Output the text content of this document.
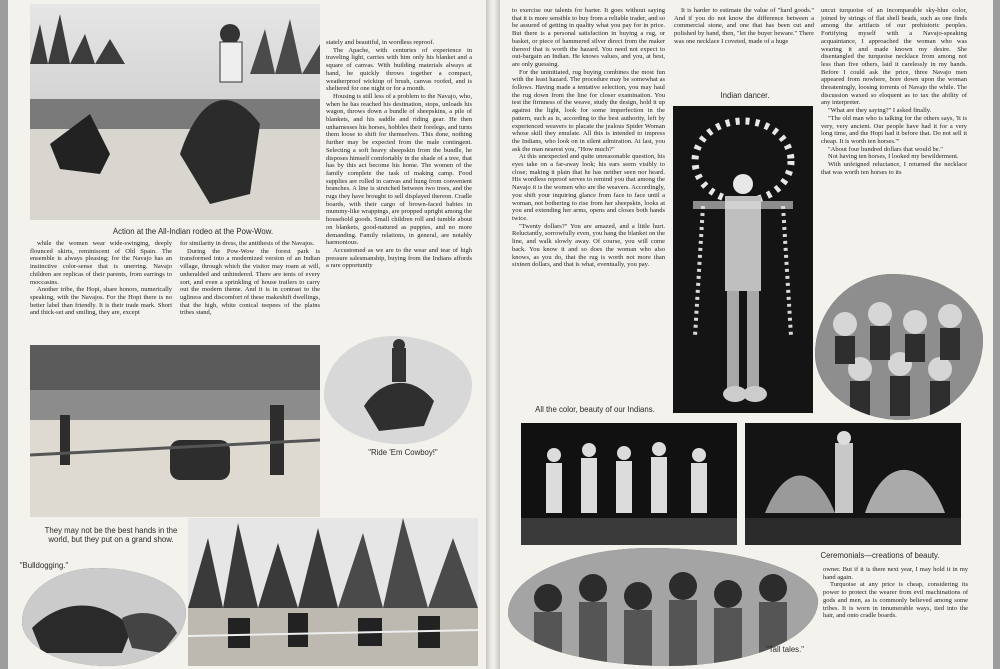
Action at the All-Indian rodeo at the Pow-Wow.

while the women wear wide-swinging, deeply flounced skirts, reminiscent of Old Spain. The ensemble is always pleasing; for the Navajo has an instinctive color-sense that is unerring. Navajo children are replicas of their parents, from earrings to moccasins.

Another tribe, the Hopi, share honors, numerically speaking, with the Navajos. For the Hopi there is no better label than friendly. It is their trade mark. Short and thick-set and smiling, they are, except

for similarity in dress, the antithesis of the Navajos.

During the Pow-Wow the forest park is transformed into a modernized version of an Indian village, through which the visitor may roam at will, unheralded and unhindered. There are tents of every sort, and even a sprinkling of house trailers to carry out the modern theme. And it is in contrast to the ugliness and discomfort of these makeshift dwellings, that the high, white conical teepees of the plains tribes stand,

stately and beautiful, in wordless reproof.

The Apache, with centuries of experience in traveling light, carries with him only his blanket and a square of canvas. With building materials always at hand, he quickly throws together a compact, weatherproof wickiup of brush, canvas roofed, and is sheltered for one night or for a month.

Housing is still less of a problem to the Navajo, who, when he has reached his destination, stops, unloads his wagon, throws down a bundle of sheepskins, a pile of blankets, and his saddle and riding gear. He then unharnesses his horses, hobbles their forelegs, and turns them loose to shift for themselves. This done, nothing further may be expected from the male contingent. Selecting a soft heavy sheepskin from the bundle, he disposes himself comfortably in the shade of a tree, that has by this act become his home. The women of the family complete the task of making camp. Food supplies are rolled in canvas and hung from convenient branches. A line is stretched between two trees, and the rugs they have brought to sell displayed thereon. Cradle boards, with their cargo of brown-faced babies in mummy-like wrappings, are propped upright among the household goods. Small children roll and tumble about on blankets, good-natured as puppies, and no more demanding. Family relations, in general, are notably harmonious.

Accustomed as we are to the wear and tear of high pressure salesmanship, buying from the Indians affords a rare opportunity

"Ride 'Em Cowboy!"
They may not be the best hands in the world, but they put on a grand show.
"Bulldogging."

to exercise our talents for barter. It goes without saying that it is more sensible to buy from a reliable trader, and so be assured of getting in quality what you pay for in price. But there is a personal satisfaction in buying a rug, or basket, or piece of hammered silver direct from the maker thereof that is worth the hazard. You need not expect to out-bargain an Indian. He knows values, and you, at best, are only guessing.

For the uninitiated, rug buying combines the most fun with the least hazard. The procedure may be somewhat as follows. Having made a tentative selection, you may haul the rug down from the line for closer examination. You test the firmness of the weave, study the design, hold it up against the light, look for some imperfection in the pattern, such as is, according to the best authority, left by experienced weavers to placate the jealous Spider Woman whose skill they emulate. All this is intended to impress the Indians, who look on in silent admiration. At last, you ask the man nearest you, "How much?"

At this unexpected and quite unreasonable question, his eyes take on a far-away look; his ears seem visibly to close; making it plain that he has neither seen nor heard. His wordless reproof serves to remind you that among the Navajo it is the women who are the weavers. Accordingly, you shift your inquiring glance from face to face until a woman, not bothering to rise from her sheepskin, looks at you and extending her arms, opens and closes both hands twice.

"Twenty dollars?" You are amazed, and a little hurt. Reluctantly, sorrowfully even, you hang the blanket on the line, and walk slowly away. Of course, you will come back. You know it and so does the woman who also knows, as you do, that the rug is worth not more than sixteen dollars, and that is what, eventually, you pay.

All the color, beauty of our Indians.

It is harder to estimate the value of "hard goods." And if you do not know the difference between a commercial stone, and one that has been cut and polished by hand, then, "let the buyer beware." There was one necklace I coveted, made of a huge

Indian dancer.

uncut turquoise of an incomparable sky-blue color, joined by strings of flat shell beads, such as one finds among the artifacts of our prehistoric peoples. Fortifying myself with a Navajo-speaking acquaintance, I approached the woman who was wearing it and made known my desire. She disentangled the turquoise necklace from among not less than five others, laid it carelessly in my hands. Before I could ask the price, three Navajo men appeared from nowhere, bore down upon the woman threateningly, loosing torrents of Navajo the while. The discussion waxed so eloquent as to tax the ability of any interpreter.

"What are they saying?" I asked finally.

"The old man who is talking for the others says, 'It is very, very ancient. Our people have had it for a very long time, and the Hopi had it before that. Do not sell it cheap. It is worth ten horses.'"

"About four hundred dollars that would be."

Not having ten horses, I looked my bewilderment.

With unfeigned reluctance, I returned the necklace that was worth ten horses to its

Ceremonials—creations of beauty.

owner. But if it is there next year, I may hold it in my hand again.

Turquoise at any price is cheap, considering its power to protect the wearer from evil machinations of gods and men, as is commonly believed among some tribes. It is worn in innumerable ways, tied into the hair, and onto cradle boards.

"Tall tales."
